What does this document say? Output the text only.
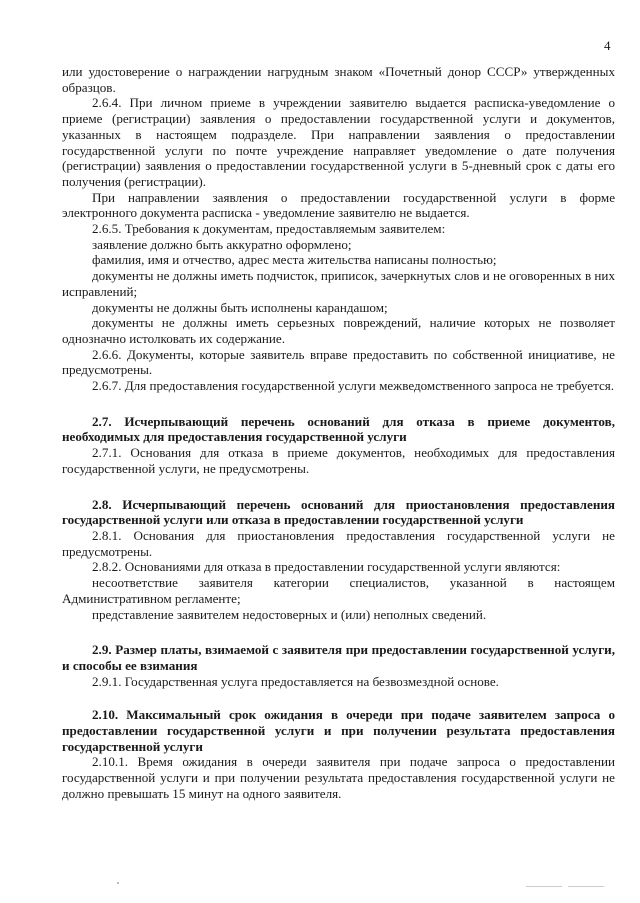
4

или удостоверение о награждении нагрудным знаком «Почетный донор СССР» утвержденных образцов.

2.6.4. При личном приеме в учреждении заявителю выдается расписка-уведомление о приеме (регистрации) заявления о предоставлении государственной услуги и документов, указанных в настоящем подразделе. При направлении заявления о предоставлении государственной услуги по почте учреждение направляет уведомление о дате получения (регистрации) заявления о предоставлении государственной услуги в 5-дневный срок с даты его получения (регистрации).

При направлении заявления о предоставлении государственной услуги в форме электронного документа расписка - уведомление заявителю не выдается.

2.6.5. Требования к документам, предоставляемым заявителем:

заявление должно быть аккуратно оформлено;

фамилия, имя и отчество, адрес места жительства написаны полностью;

документы не должны иметь подчисток, приписок, зачеркнутых слов и не оговоренных в них исправлений;

документы не должны быть исполнены карандашом;

документы не должны иметь серьезных повреждений, наличие которых не позволяет однозначно истолковать их содержание.

2.6.6. Документы, которые заявитель вправе предоставить по собственной инициативе, не предусмотрены.

2.6.7. Для предоставления государственной услуги межведомственного запроса не требуется.

2.7. Исчерпывающий перечень оснований для отказа в приеме документов, необходимых для предоставления государственной услуги

2.7.1. Основания для отказа в приеме документов, необходимых для предоставления государственной услуги, не предусмотрены.

2.8. Исчерпывающий перечень оснований для приостановления предоставления государственной услуги или отказа в предоставлении государственной услуги

2.8.1. Основания для приостановления предоставления государственной услуги не предусмотрены.

2.8.2. Основаниями для отказа в предоставлении государственной услуги являются:

несоответствие заявителя категории специалистов, указанной в настоящем Административном регламенте;

представление заявителем недостоверных и (или) неполных сведений.

2.9. Размер платы, взимаемой с заявителя при предоставлении государственной услуги, и способы ее взимания

2.9.1. Государственная услуга предоставляется на безвозмездной основе.

2.10. Максимальный срок ожидания в очереди при подаче заявителем запроса о предоставлении государственной услуги и при получении результата предоставления государственной услуги

2.10.1. Время ожидания в очереди заявителя при подаче запроса о предоставлении государственной услуги и при получении результата предоставления государственной услуги не должно превышать 15 минут на одного заявителя.
